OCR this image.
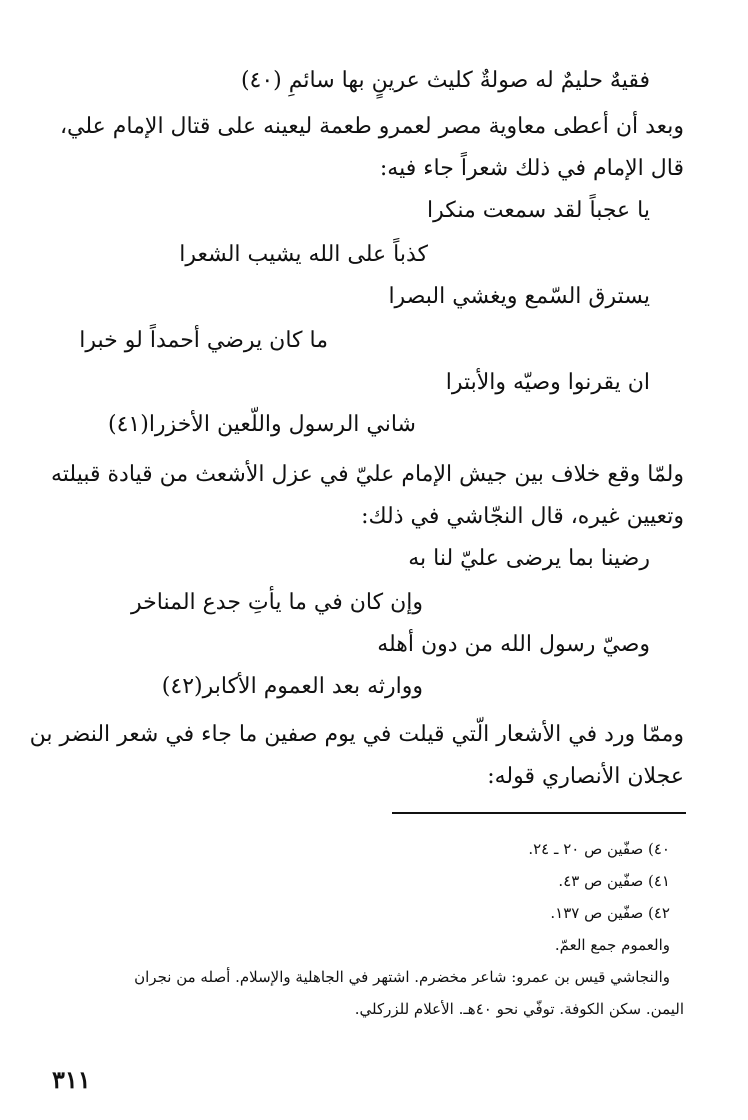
فقيهٌ حليمٌ له صولةٌ كليث عرينٍ بها سائمِ (٤٠)
وبعد أن أعطى معاوية مصر لعمرو طعمة ليعينه على قتال الإمام علي،
قال الإمام في ذلك شعراً جاء فيه:
يا عجباً لقد سمعت منكرا
كذباً على الله يشيب الشعرا
يسترق السّمع ويغشي البصرا
ما كان يرضي أحمداً لو خبرا
ان يقرنوا وصيّه والأبترا
شاني الرسول واللّعين الأخزرا(٤١)
ولمّا وقع خلاف بين جيش الإمام عليّ في عزل الأشعث من قيادة قبيلته
وتعيين غيره، قال النجّاشي في ذلك:
رضينا بما يرضى عليّ لنا به
وإن كان في ما يأتِ جدع المناخر
وصيّ رسول الله من دون أهله
ووارثه بعد العموم الأكابر(٤٢)
وممّا ورد في الأشعار الّتي قيلت في يوم صفين ما جاء في شعر النضر بن
عجلان الأنصاري قوله:
٤٠) صفّين ص ٢٠ ـ ٢٤.
٤١) صفّين ص ٤٣.
٤٢) صفّين ص ١٣٧.
والعموم جمع العمّ.
والنجاشي قيس بن عمرو: شاعر مخضرم. اشتهر في الجاهلية والإسلام. أصله من نجران
اليمن. سكن الكوفة. توفّي نحو ٤٠هـ. الأعلام للزركلي.
٣١١
